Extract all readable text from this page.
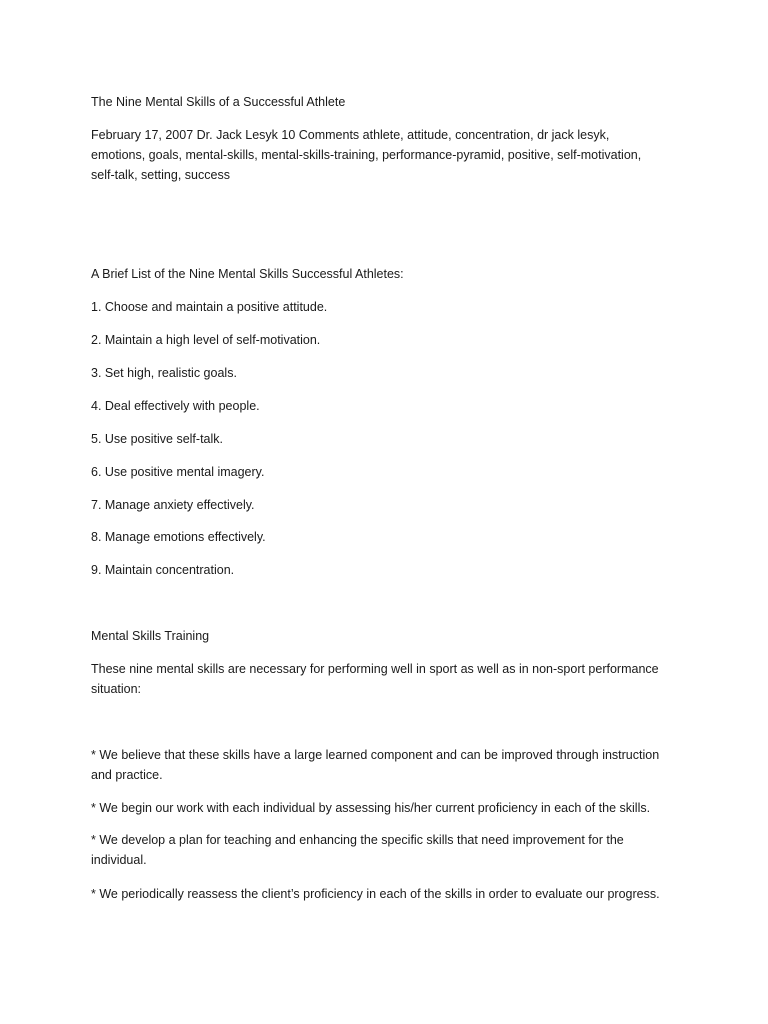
The Nine Mental Skills of a Successful Athlete

February 17, 2007 Dr. Jack Lesyk 10 Comments athlete, attitude, concentration, dr jack lesyk,

emotions, goals, mental-skills, mental-skills-training, performance-pyramid, positive, self-motivation,

self-talk, setting, success

A Brief List of the Nine Mental Skills Successful Athletes:

1. Choose and maintain a positive attitude.
2. Maintain a high level of self-motivation.
3. Set high, realistic goals.
4. Deal effectively with people.
5. Use positive self-talk.
6. Use positive mental imagery.
7. Manage anxiety effectively.
8. Manage emotions effectively.
9. Maintain concentration.

Mental Skills Training

These nine mental skills are necessary for performing well in sport as well as in non-sport performance

situation:

* We believe that these skills have a large learned component and can be improved through instruction

and practice.

* We begin our work with each individual by assessing his/her current proficiency in each of the skills.

* We develop a plan for teaching and enhancing the specific skills that need improvement for the

individual.

* We periodically reassess the client’s proficiency in each of the skills in order to evaluate our progress.
